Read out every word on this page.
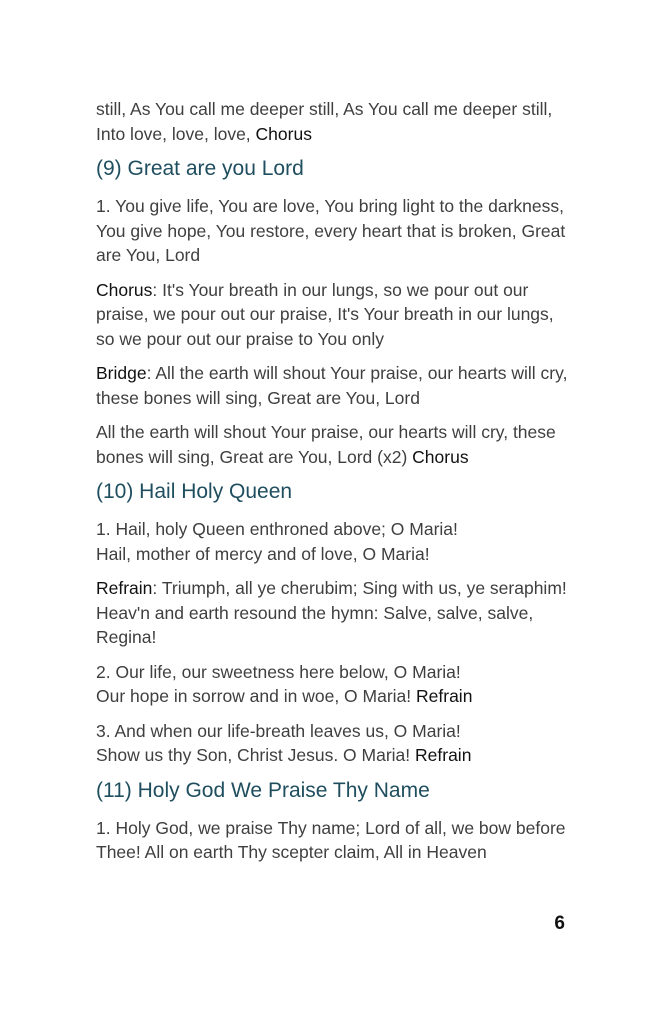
still, As You call me deeper still, As You call me deeper still,
Into love, love, love, Chorus

(9) Great are you Lord

1. You give life, You are love, You bring light to the darkness, You give hope, You restore, every heart that is broken, Great are You, Lord

Chorus: It's Your breath in our lungs, so we pour out our praise, we pour out our praise, It's Your breath in our lungs, so we pour out our praise to You only

Bridge: All the earth will shout Your praise, our hearts will cry, these bones will sing, Great are You, Lord

All the earth will shout Your praise, our hearts will cry, these bones will sing, Great are You, Lord (x2) Chorus

(10) Hail Holy Queen

1. Hail, holy Queen enthroned above; O Maria!
Hail, mother of mercy and of love, O Maria!

Refrain: Triumph, all ye cherubim; Sing with us, ye seraphim!
Heav'n and earth resound the hymn: Salve, salve, salve, Regina!

2. Our life, our sweetness here below, O Maria!
Our hope in sorrow and in woe, O Maria! Refrain

3. And when our life-breath leaves us, O Maria!
Show us thy Son, Christ Jesus. O Maria! Refrain

(11) Holy God We Praise Thy Name

1. Holy God, we praise Thy name; Lord of all, we bow before Thee! All on earth Thy scepter claim, All in Heaven

6
